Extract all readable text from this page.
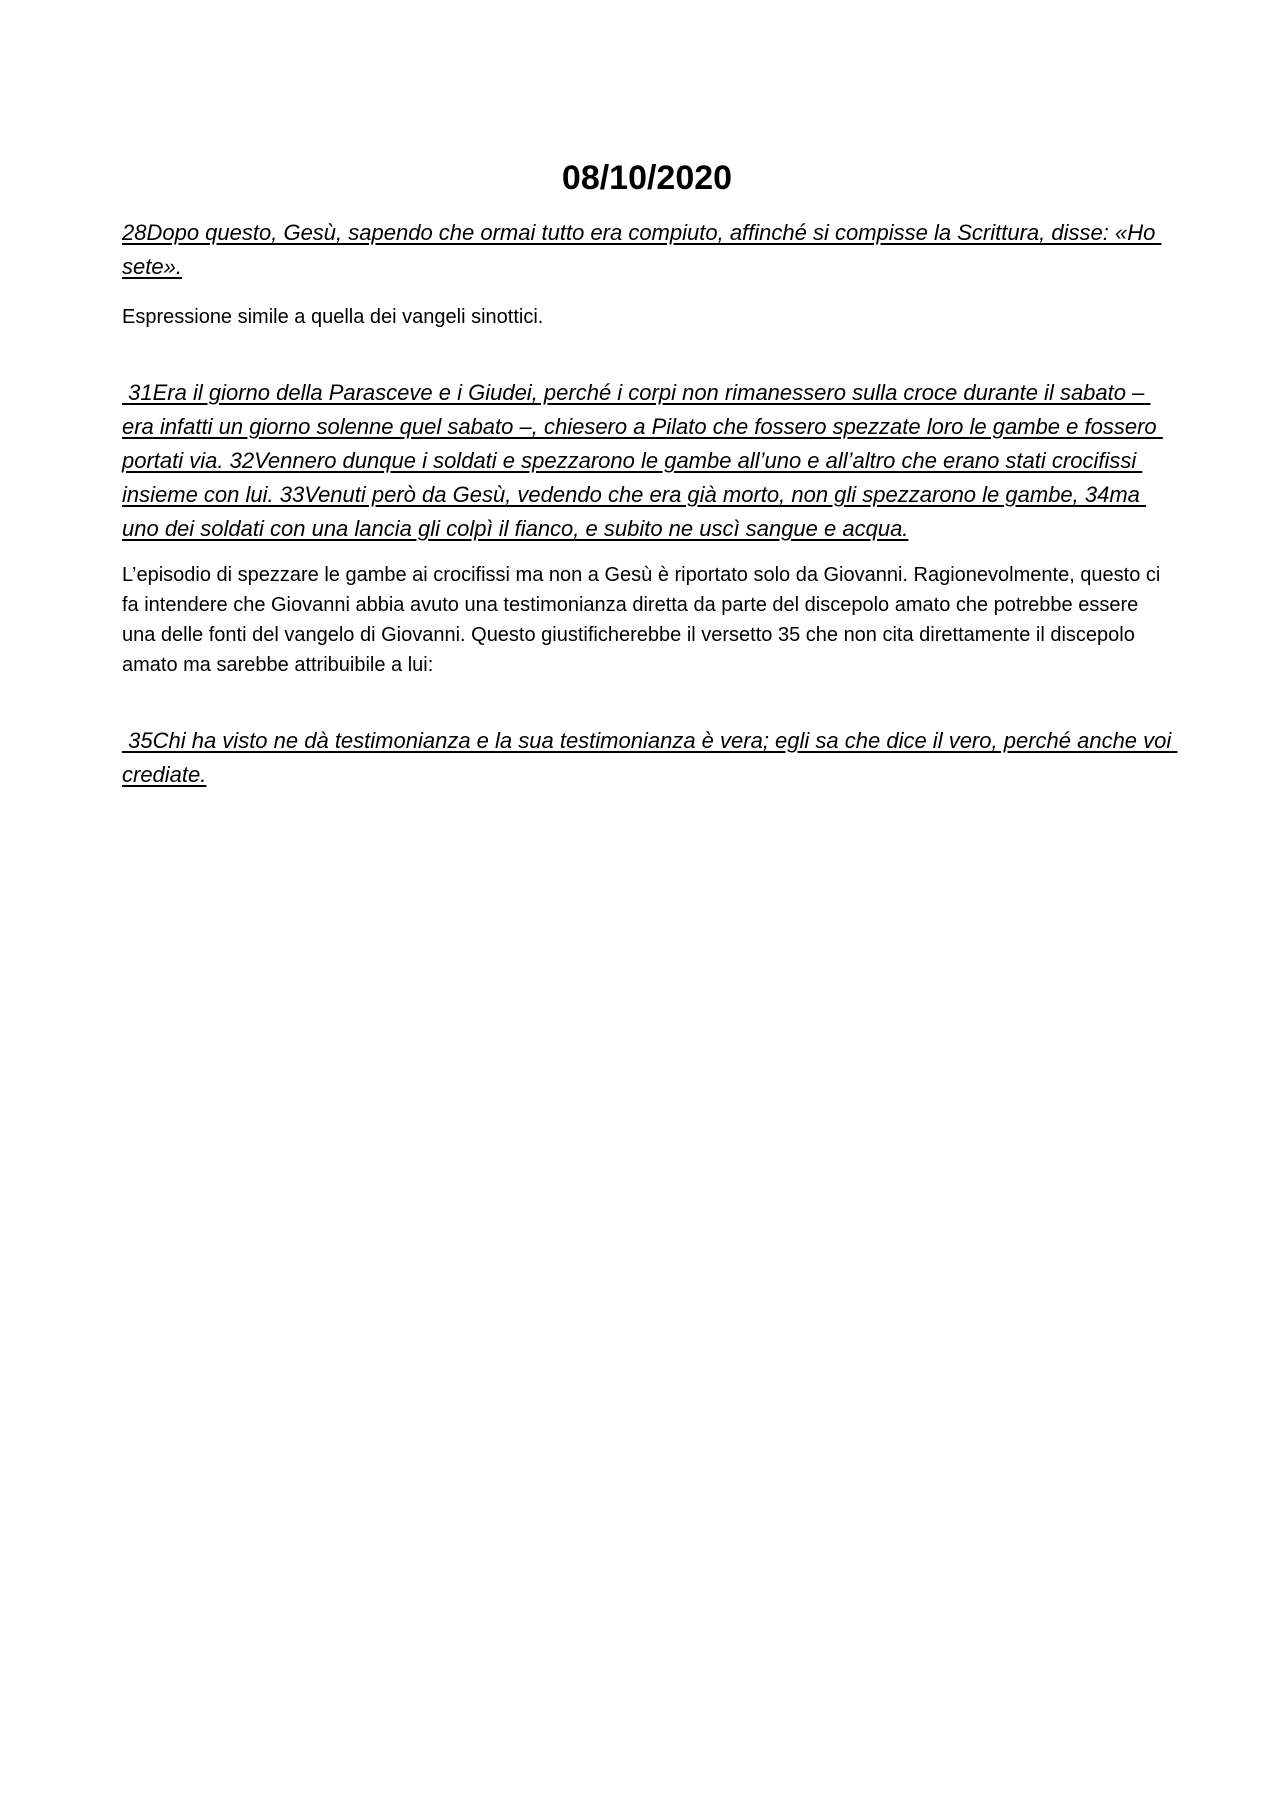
08/10/2020

28Dopo questo, Gesù, sapendo che ormai tutto era compiuto, affinché si compisse la Scrittura, disse: «Ho sete».

Espressione simile a quella dei vangeli sinottici.

31Era il giorno della Parasceve e i Giudei, perché i corpi non rimanessero sulla croce durante il sabato – era infatti un giorno solenne quel sabato –, chiesero a Pilato che fossero spezzate loro le gambe e fossero portati via. 32Vennero dunque i soldati e spezzarono le gambe all’uno e all’altro che erano stati crocifissi insieme con lui. 33Venuti però da Gesù, vedendo che era già morto, non gli spezzarono le gambe, 34ma uno dei soldati con una lancia gli colpì il fianco, e subito ne uscì sangue e acqua.

L’episodio di spezzare le gambe ai crocifissi ma non a Gesù è riportato solo da Giovanni. Ragionevolmente, questo ci fa intendere che Giovanni abbia avuto una testimonianza diretta da parte del discepolo amato che potrebbe essere una delle fonti del vangelo di Giovanni. Questo giustificherebbe il versetto 35 che non cita direttamente il discepolo amato ma sarebbe attribuibile a lui:

35Chi ha visto ne dà testimonianza e la sua testimonianza è vera; egli sa che dice il vero, perché anche voi crediate.
